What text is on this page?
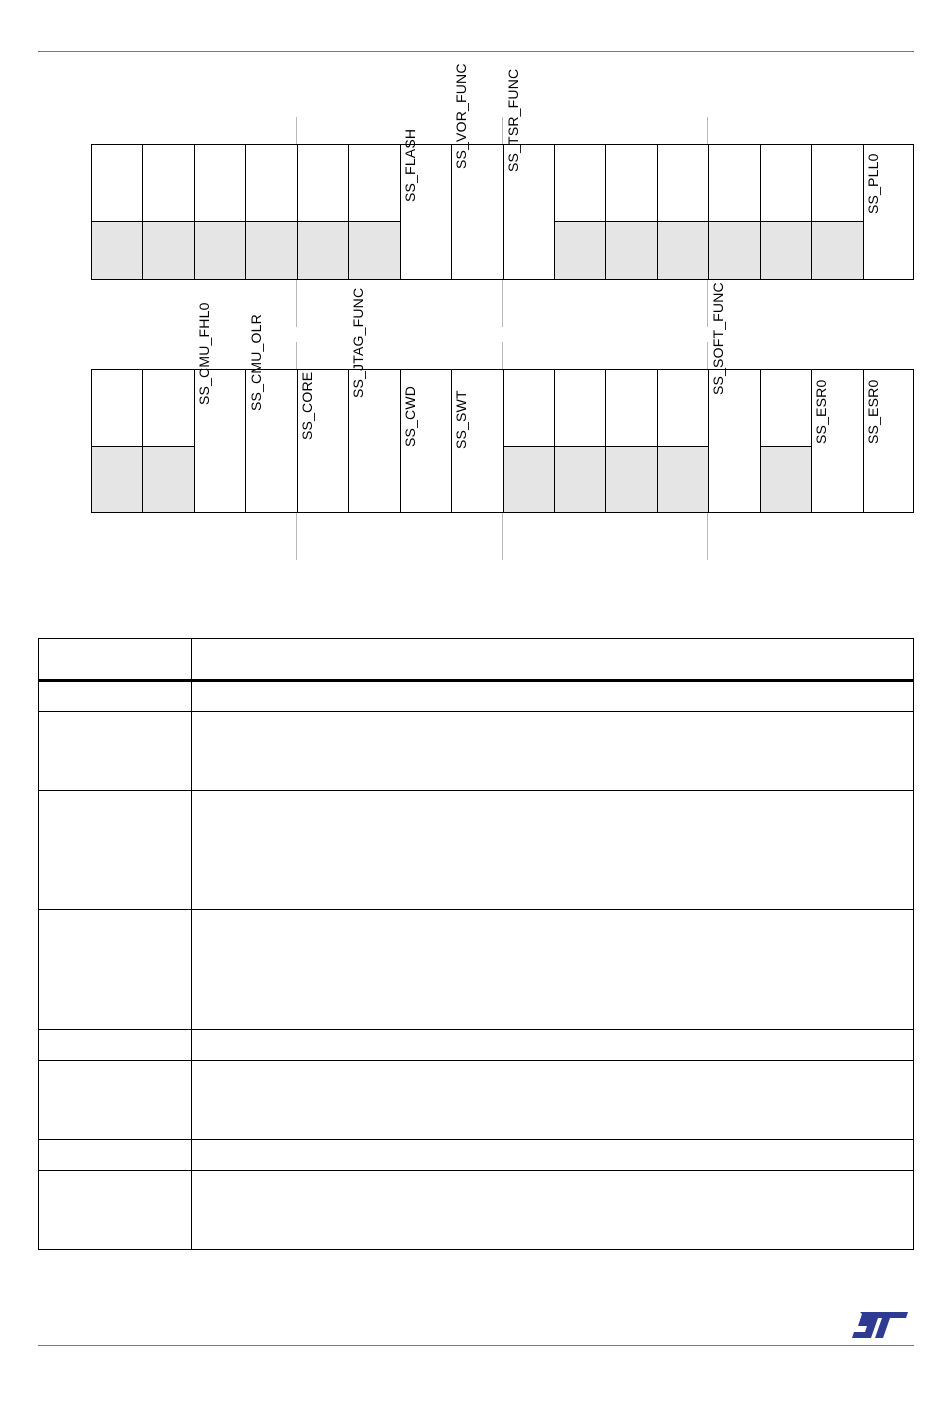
SS_FLASH	SS_VOR_FUNC	SS_TSR_FUNC
SS_PLL0
SS_CMU_FHL0	SS_CMU_OLR	SS_CORE
SS_JTAG_FUNC
SS_CWD	SS_SWT
SS_SOFT_FUNC
SS_ESR0	SS_ESR0
